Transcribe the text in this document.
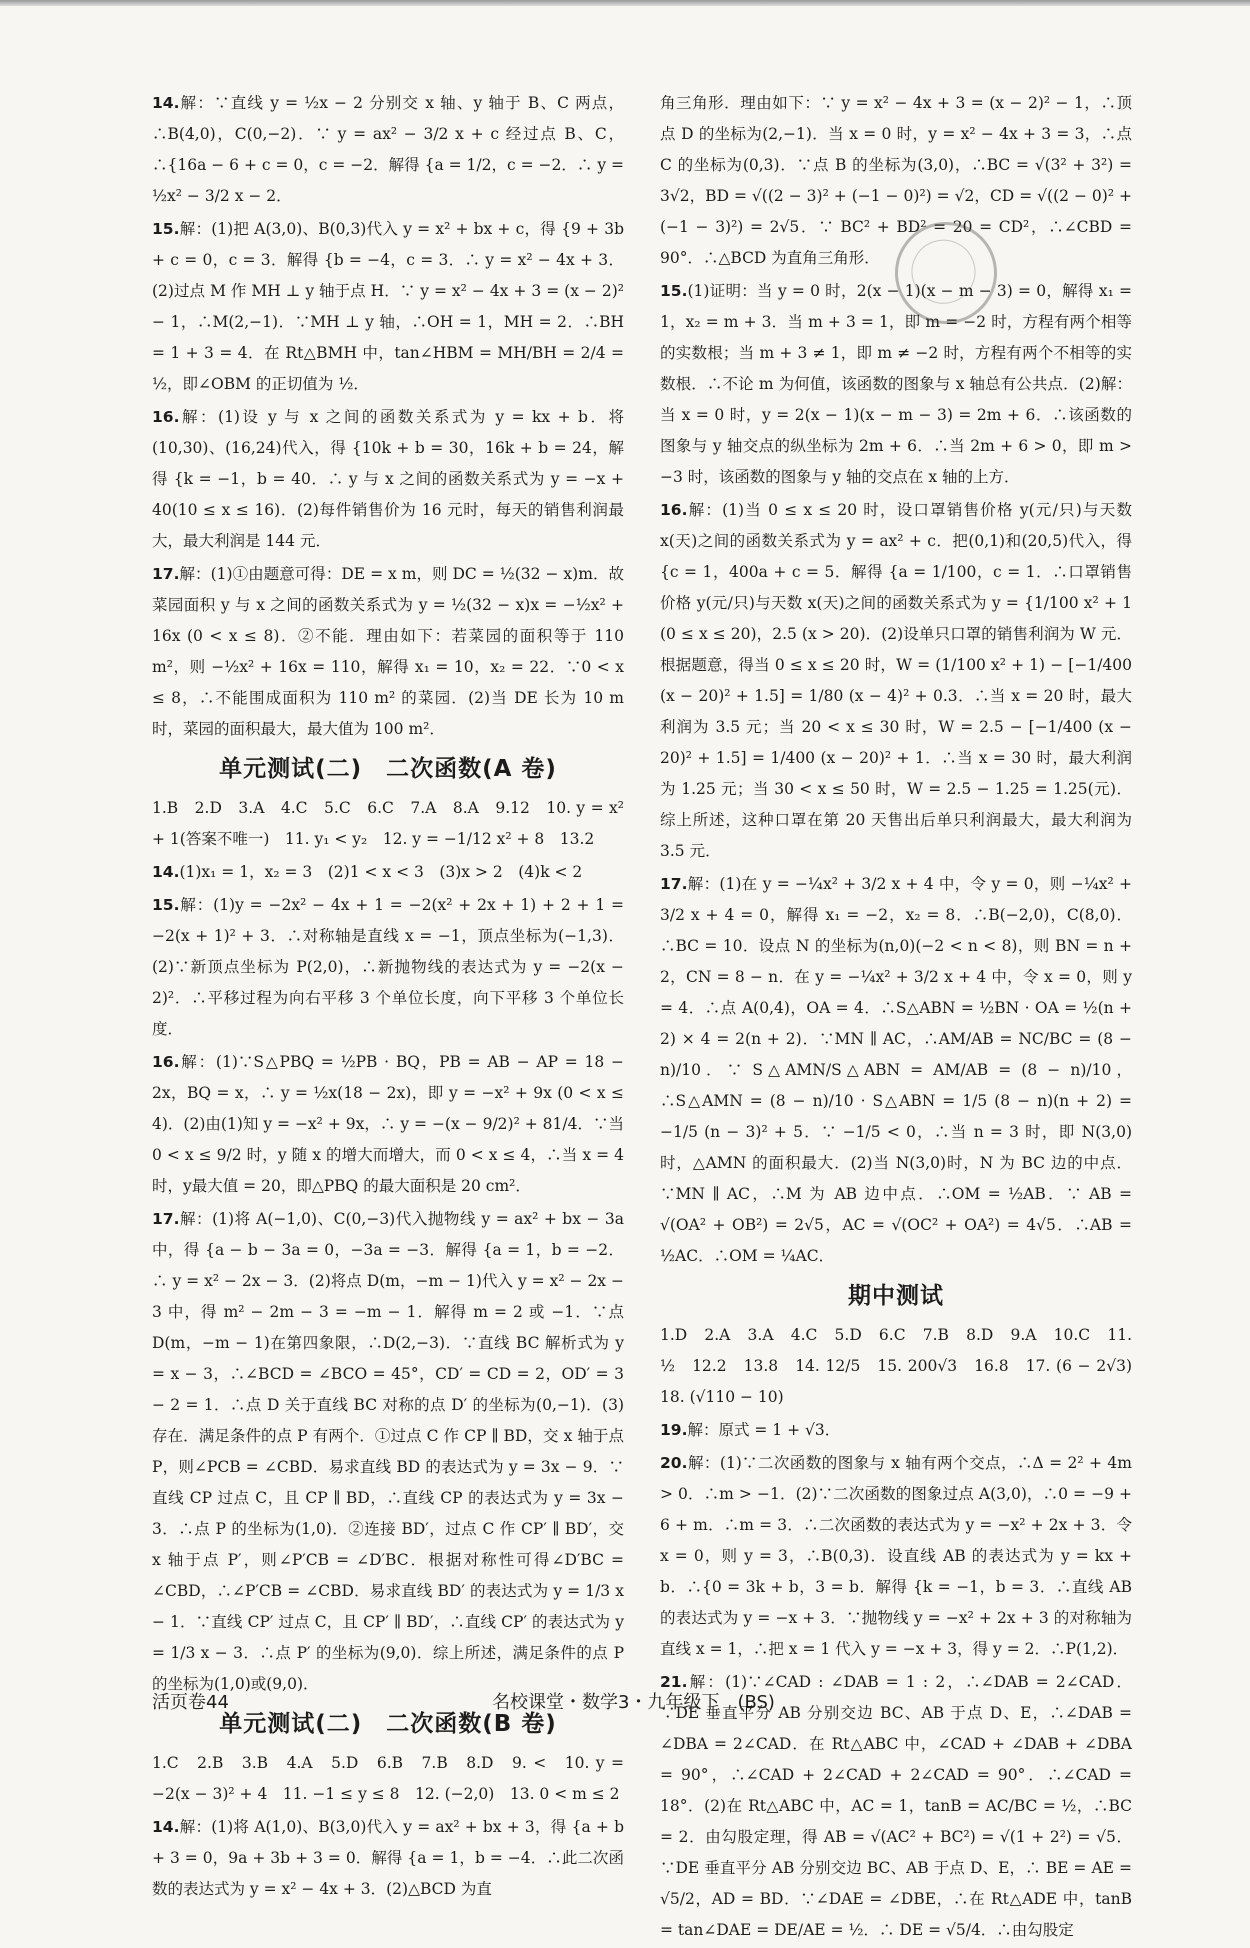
14.解：∵直线 y = ½x − 2 分别交 x 轴、y 轴于 B、C 两点，∴B(4,0)，C(0,−2)．∵ y = ax² − 3/2 x + c 经过点 B、C，∴{16a − 6 + c = 0，c = −2．解得 {a = 1/2，c = −2．∴ y = ½x² − 3/2 x − 2．
15.解：(1)把 A(3,0)、B(0,3)代入 y = x² + bx + c，得 {9 + 3b + c = 0，c = 3．解得 {b = −4，c = 3．∴ y = x² − 4x + 3．(2)过点 M 作 MH ⊥ y 轴于点 H．∵ y = x² − 4x + 3 = (x − 2)² − 1，∴M(2,−1)．∵MH ⊥ y 轴，∴OH = 1，MH = 2．∴BH = 1 + 3 = 4．在 Rt△BMH 中，tan∠HBM = MH/BH = 2/4 = ½，即∠OBM 的正切值为 ½．
16.解：(1)设 y 与 x 之间的函数关系式为 y = kx + b．将(10,30)、(16,24)代入，得 {10k + b = 30，16k + b = 24，解得 {k = −1，b = 40．∴ y 与 x 之间的函数关系式为 y = −x + 40(10 ≤ x ≤ 16)．(2)每件销售价为 16 元时，每天的销售利润最大，最大利润是 144 元．
17.解：(1)①由题意可得：DE = x m，则 DC = ½(32 − x)m．故菜园面积 y 与 x 之间的函数关系式为 y = ½(32 − x)x = −½x² + 16x (0 < x ≤ 8)．②不能．理由如下：若菜园的面积等于 110 m²，则 −½x² + 16x = 110，解得 x₁ = 10，x₂ = 22．∵0 < x ≤ 8，∴不能围成面积为 110 m² 的菜园．(2)当 DE 长为 10 m 时，菜园的面积最大，最大值为 100 m²．
单元测试(二)　二次函数(A 卷)
1.B　2.D　3.A　4.C　5.C　6.C　7.A　8.A　9.12　10. y = x² + 1(答案不唯一)　11. y₁ < y₂　12. y = −1/12 x² + 8　13.2
14.(1)x₁ = 1，x₂ = 3　(2)1 < x < 3　(3)x > 2　(4)k < 2
15.解：(1)y = −2x² − 4x + 1 = −2(x² + 2x + 1) + 2 + 1 = −2(x + 1)² + 3．∴对称轴是直线 x = −1，顶点坐标为(−1,3)．(2)∵新顶点坐标为 P(2,0)，∴新抛物线的表达式为 y = −2(x − 2)²．∴平移过程为向右平移 3 个单位长度，向下平移 3 个单位长度．
16.解：(1)∵S△PBQ = ½PB · BQ，PB = AB − AP = 18 − 2x，BQ = x，∴ y = ½x(18 − 2x)，即 y = −x² + 9x (0 < x ≤ 4)．(2)由(1)知 y = −x² + 9x，∴ y = −(x − 9/2)² + 81/4．∵当 0 < x ≤ 9/2 时，y 随 x 的增大而增大，而 0 < x ≤ 4，∴当 x = 4 时，y最大值 = 20，即△PBQ 的最大面积是 20 cm²．
17.解：(1)将 A(−1,0)、C(0,−3)代入抛物线 y = ax² + bx − 3a 中，得 {a − b − 3a = 0，−3a = −3．解得 {a = 1，b = −2．∴ y = x² − 2x − 3．(2)将点 D(m，−m − 1)代入 y = x² − 2x − 3 中，得 m² − 2m − 3 = −m − 1．解得 m = 2 或 −1．∵点 D(m，−m − 1)在第四象限，∴D(2,−3)．∵直线 BC 解析式为 y = x − 3，∴∠BCD = ∠BCO = 45°，CD′ = CD = 2，OD′ = 3 − 2 = 1．∴点 D 关于直线 BC 对称的点 D′ 的坐标为(0,−1)．(3)存在．满足条件的点 P 有两个．①过点 C 作 CP ∥ BD，交 x 轴于点 P，则∠PCB = ∠CBD．易求直线 BD 的表达式为 y = 3x − 9．∵直线 CP 过点 C，且 CP ∥ BD，∴直线 CP 的表达式为 y = 3x − 3．∴点 P 的坐标为(1,0)．②连接 BD′，过点 C 作 CP′ ∥ BD′，交 x 轴于点 P′，则∠P′CB = ∠D′BC．根据对称性可得∠D′BC = ∠CBD，∴∠P′CB = ∠CBD．易求直线 BD′ 的表达式为 y = 1/3 x − 1．∵直线 CP′ 过点 C，且 CP′ ∥ BD′，∴直线 CP′ 的表达式为 y = 1/3 x − 3．∴点 P′ 的坐标为(9,0)．综上所述，满足条件的点 P 的坐标为(1,0)或(9,0)．
单元测试(二)　二次函数(B 卷)
1.C　2.B　3.B　4.A　5.D　6.B　7.B　8.D　9. <　10. y = −2(x − 3)² + 4　11. −1 ≤ y ≤ 8　12. (−2,0)　13. 0 < m ≤ 2
14.解：(1)将 A(1,0)、B(3,0)代入 y = ax² + bx + 3，得 {a + b + 3 = 0，9a + 3b + 3 = 0．解得 {a = 1，b = −4．∴此二次函数的表达式为 y = x² − 4x + 3．(2)△BCD 为直
角三角形．理由如下：∵ y = x² − 4x + 3 = (x − 2)² − 1，∴顶点 D 的坐标为(2,−1)．当 x = 0 时，y = x² − 4x + 3 = 3，∴点 C 的坐标为(0,3)．∵点 B 的坐标为(3,0)，∴BC = √(3² + 3²) = 3√2，BD = √((2 − 3)² + (−1 − 0)²) = √2，CD = √((2 − 0)² + (−1 − 3)²) = 2√5．∵ BC² + BD² = 20 = CD²，∴∠CBD = 90°．∴△BCD 为直角三角形．
15.(1)证明：当 y = 0 时，2(x − 1)(x − m − 3) = 0，解得 x₁ = 1，x₂ = m + 3．当 m + 3 = 1，即 m = −2 时，方程有两个相等的实数根；当 m + 3 ≠ 1，即 m ≠ −2 时，方程有两个不相等的实数根．∴不论 m 为何值，该函数的图象与 x 轴总有公共点．(2)解：当 x = 0 时，y = 2(x − 1)(x − m − 3) = 2m + 6．∴该函数的图象与 y 轴交点的纵坐标为 2m + 6．∴当 2m + 6 > 0，即 m > −3 时，该函数的图象与 y 轴的交点在 x 轴的上方．
16.解：(1)当 0 ≤ x ≤ 20 时，设口罩销售价格 y(元/只)与天数 x(天)之间的函数关系式为 y = ax² + c．把(0,1)和(20,5)代入，得 {c = 1，400a + c = 5．解得 {a = 1/100，c = 1．∴口罩销售价格 y(元/只)与天数 x(天)之间的函数关系式为 y = {1/100 x² + 1 (0 ≤ x ≤ 20)，2.5 (x > 20)．(2)设单只口罩的销售利润为 W 元．根据题意，得当 0 ≤ x ≤ 20 时，W = (1/100 x² + 1) − [−1/400 (x − 20)² + 1.5] = 1/80 (x − 4)² + 0.3．∴当 x = 20 时，最大利润为 3.5 元；当 20 < x ≤ 30 时，W = 2.5 − [−1/400 (x − 20)² + 1.5] = 1/400 (x − 20)² + 1．∴当 x = 30 时，最大利润为 1.25 元；当 30 < x ≤ 50 时，W = 2.5 − 1.25 = 1.25(元)．综上所述，这种口罩在第 20 天售出后单只利润最大，最大利润为 3.5 元．
17.解：(1)在 y = −¼x² + 3/2 x + 4 中，令 y = 0，则 −¼x² + 3/2 x + 4 = 0，解得 x₁ = −2，x₂ = 8．∴B(−2,0)，C(8,0)．∴BC = 10．设点 N 的坐标为(n,0)(−2 < n < 8)，则 BN = n + 2，CN = 8 − n．在 y = −¼x² + 3/2 x + 4 中，令 x = 0，则 y = 4．∴点 A(0,4)，OA = 4．∴S△ABN = ½BN · OA = ½(n + 2) × 4 = 2(n + 2)．∵MN ∥ AC，∴AM/AB = NC/BC = (8 − n)/10．∵ S△AMN/S△ABN = AM/AB = (8 − n)/10，∴S△AMN = (8 − n)/10 · S△ABN = 1/5 (8 − n)(n + 2) = −1/5 (n − 3)² + 5．∵ −1/5 < 0，∴当 n = 3 时，即 N(3,0)时，△AMN 的面积最大．(2)当 N(3,0)时，N 为 BC 边的中点．∵MN ∥ AC，∴M 为 AB 边中点．∴OM = ½AB．∵ AB = √(OA² + OB²) = 2√5，AC = √(OC² + OA²) = 4√5．∴AB = ½AC．∴OM = ¼AC．
期中测试
1.D　2.A　3.A　4.C　5.D　6.C　7.B　8.D　9.A　10.C　11. ½　12.2　13.8　14. 12/5　15. 200√3　16.8　17. (6 − 2√3)　18. (√110 − 10)
19.解：原式 = 1 + √3．
20.解：(1)∵二次函数的图象与 x 轴有两个交点，∴Δ = 2² + 4m > 0．∴m > −1．(2)∵二次函数的图象过点 A(3,0)，∴0 = −9 + 6 + m．∴m = 3．∴二次函数的表达式为 y = −x² + 2x + 3．令 x = 0，则 y = 3，∴B(0,3)．设直线 AB 的表达式为 y = kx + b．∴{0 = 3k + b，3 = b．解得 {k = −1，b = 3．∴直线 AB 的表达式为 y = −x + 3．∵抛物线 y = −x² + 2x + 3 的对称轴为直线 x = 1，∴把 x = 1 代入 y = −x + 3，得 y = 2．∴P(1,2)．
21.解：(1)∵∠CAD : ∠DAB = 1 : 2，∴∠DAB = 2∠CAD．∵DE 垂直平分 AB 分别交边 BC、AB 于点 D、E，∴∠DAB = ∠DBA = 2∠CAD．在 Rt△ABC 中，∠CAD + ∠DAB + ∠DBA = 90°，∴∠CAD + 2∠CAD + 2∠CAD = 90°．∴∠CAD = 18°．(2)在 Rt△ABC 中，AC = 1，tanB = AC/BC = ½，∴BC = 2．由勾股定理，得 AB = √(AC² + BC²) = √(1 + 2²) = √5．∵DE 垂直平分 AB 分别交边 BC、AB 于点 D、E，∴ BE = AE = √5/2，AD = BD．∵∠DAE = ∠DBE，∴在 Rt△ADE 中，tanB = tan∠DAE = DE/AE = ½．∴ DE = √5/4．∴由勾股定
活页卷44	名校课堂・数学3・九年级下　(BS)
